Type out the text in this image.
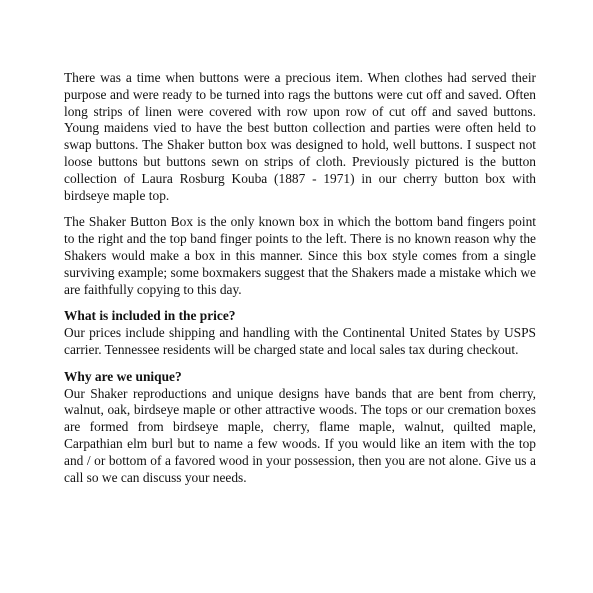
There was a time when buttons were a precious item. When clothes had served their purpose and were ready to be turned into rags the buttons were cut off and saved. Often long strips of linen were covered with row upon row of cut off and saved buttons. Young maidens vied to have the best button collection and parties were often held to swap buttons. The Shaker button box was designed to hold, well buttons. I suspect not loose buttons but buttons sewn on strips of cloth. Previously pictured is the button collection of Laura Rosburg Kouba (1887 - 1971) in our cherry button box with birdseye maple top.

The Shaker Button Box is the only known box in which the bottom band fingers point to the right and the top band finger points to the left. There is no known reason why the Shakers would make a box in this manner. Since this box style comes from a single surviving example; some boxmakers suggest that the Shakers made a mistake which we are faithfully copying to this day.

What is included in the price?

Our prices include shipping and handling with the Continental United States by USPS carrier. Tennessee residents will be charged state and local sales tax during checkout.

Why are we unique?

Our Shaker reproductions and unique designs have bands that are bent from cherry, walnut, oak, birdseye maple or other attractive woods. The tops or our cremation boxes are formed from birdseye maple, cherry, flame maple, walnut, quilted maple, Carpathian elm burl but to name a few woods. If you would like an item with the top and / or bottom of a favored wood in your possession, then you are not alone. Give us a call so we can discuss your needs.
